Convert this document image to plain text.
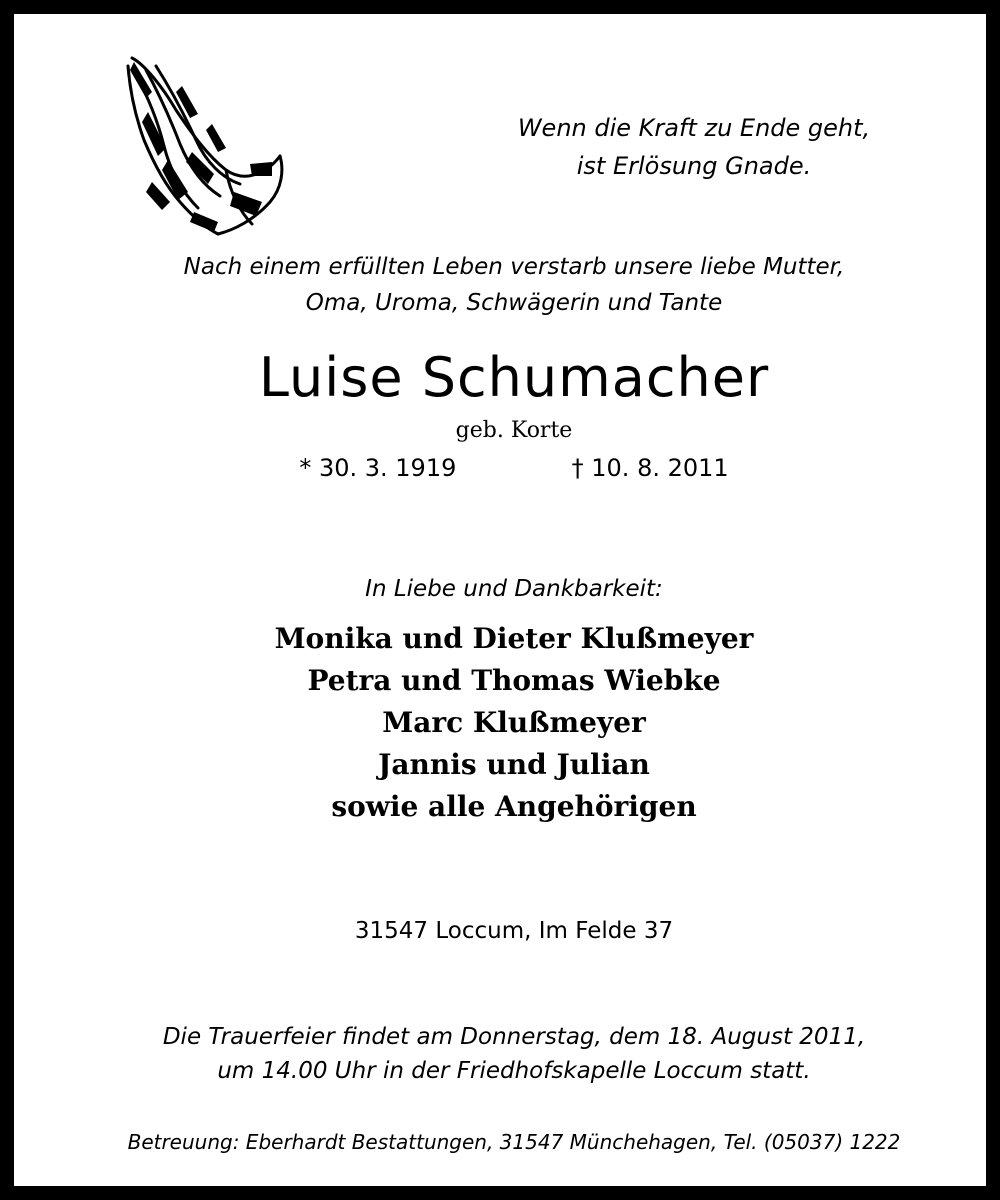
Wenn die Kraft zu Ende geht,
ist Erlösung Gnade.
Nach einem erfüllten Leben verstarb unsere liebe Mutter,
Oma, Uroma, Schwägerin und Tante
Luise Schumacher
geb. Korte
* 30. 3. 1919	† 10. 8. 2011
In Liebe und Dankbarkeit:
Monika und Dieter Klußmeyer
Petra und Thomas Wiebke
Marc Klußmeyer
Jannis und Julian
sowie alle Angehörigen
31547 Loccum, Im Felde 37
Die Trauerfeier findet am Donnerstag, dem 18. August 2011,
um 14.00 Uhr in der Friedhofskapelle Loccum statt.
Betreuung: Eberhardt Bestattungen, 31547 Münchehagen, Tel. (05037) 1222
